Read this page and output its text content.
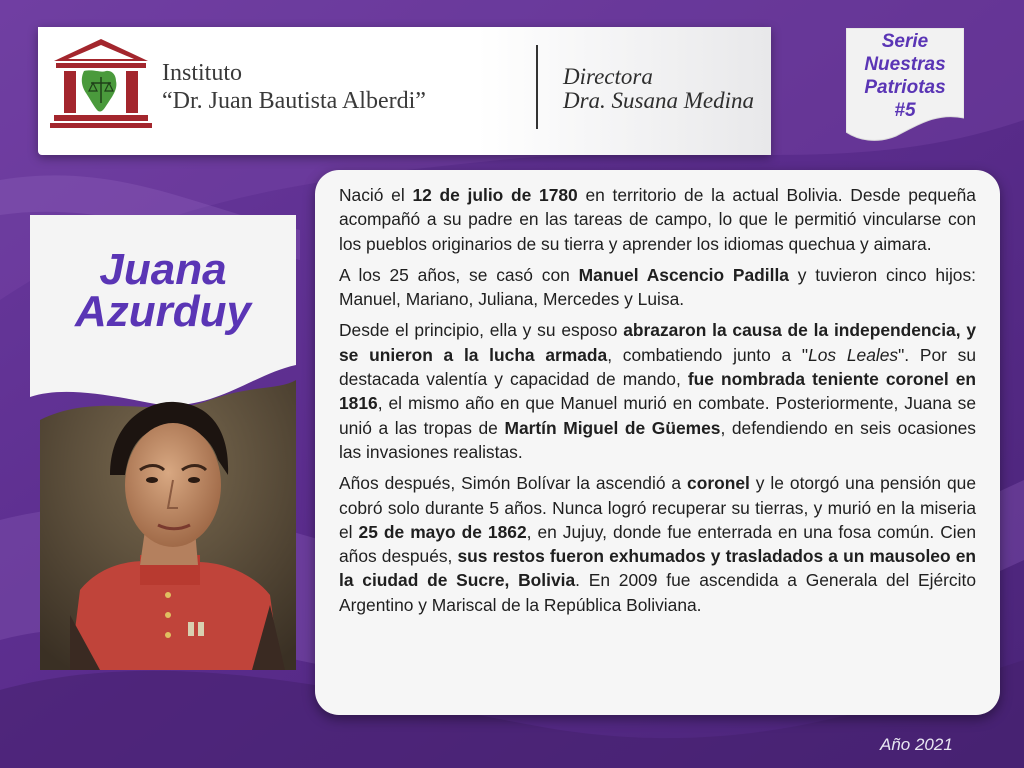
Instituto
“Dr. Juan Bautista Alberdi”
Directora
Dra. Susana Medina
Serie
Nuestras
Patriotas
#5
Juana
Azurduy

Nació el 12 de julio de 1780 en territorio de la actual Bolivia. Desde pequeña acompañó a su padre en las tareas de campo, lo que le permitió vincularse con los pueblos originarios de su tierra y aprender los idiomas quechua y aimara.

A los 25 años, se casó con Manuel Ascencio Padilla y tuvieron cinco hijos: Manuel, Mariano, Juliana, Mercedes y Luisa.

Desde el principio, ella y su esposo abrazaron la causa de la independencia, y se unieron a la lucha armada, combatiendo junto a "Los Leales". Por su destacada valentía y capacidad de mando, fue nombrada teniente coronel en 1816, el mismo año en que Manuel murió en combate. Posteriormente, Juana se unió a las tropas de Martín Miguel de Güemes, defendiendo en seis ocasiones las invasiones realistas.

Años después, Simón Bolívar la ascendió a coronel y le otorgó una pensión que cobró solo durante 5 años. Nunca logró recuperar su tierras, y murió en la miseria el 25 de mayo de 1862, en Jujuy, donde fue enterrada en una fosa común. Cien años después, sus restos fueron exhumados y trasladados a un mausoleo en la ciudad de Sucre, Bolivia. En 2009 fue ascendida a Generala del Ejército Argentino y Mariscal de la República Boliviana.

Año 2021
